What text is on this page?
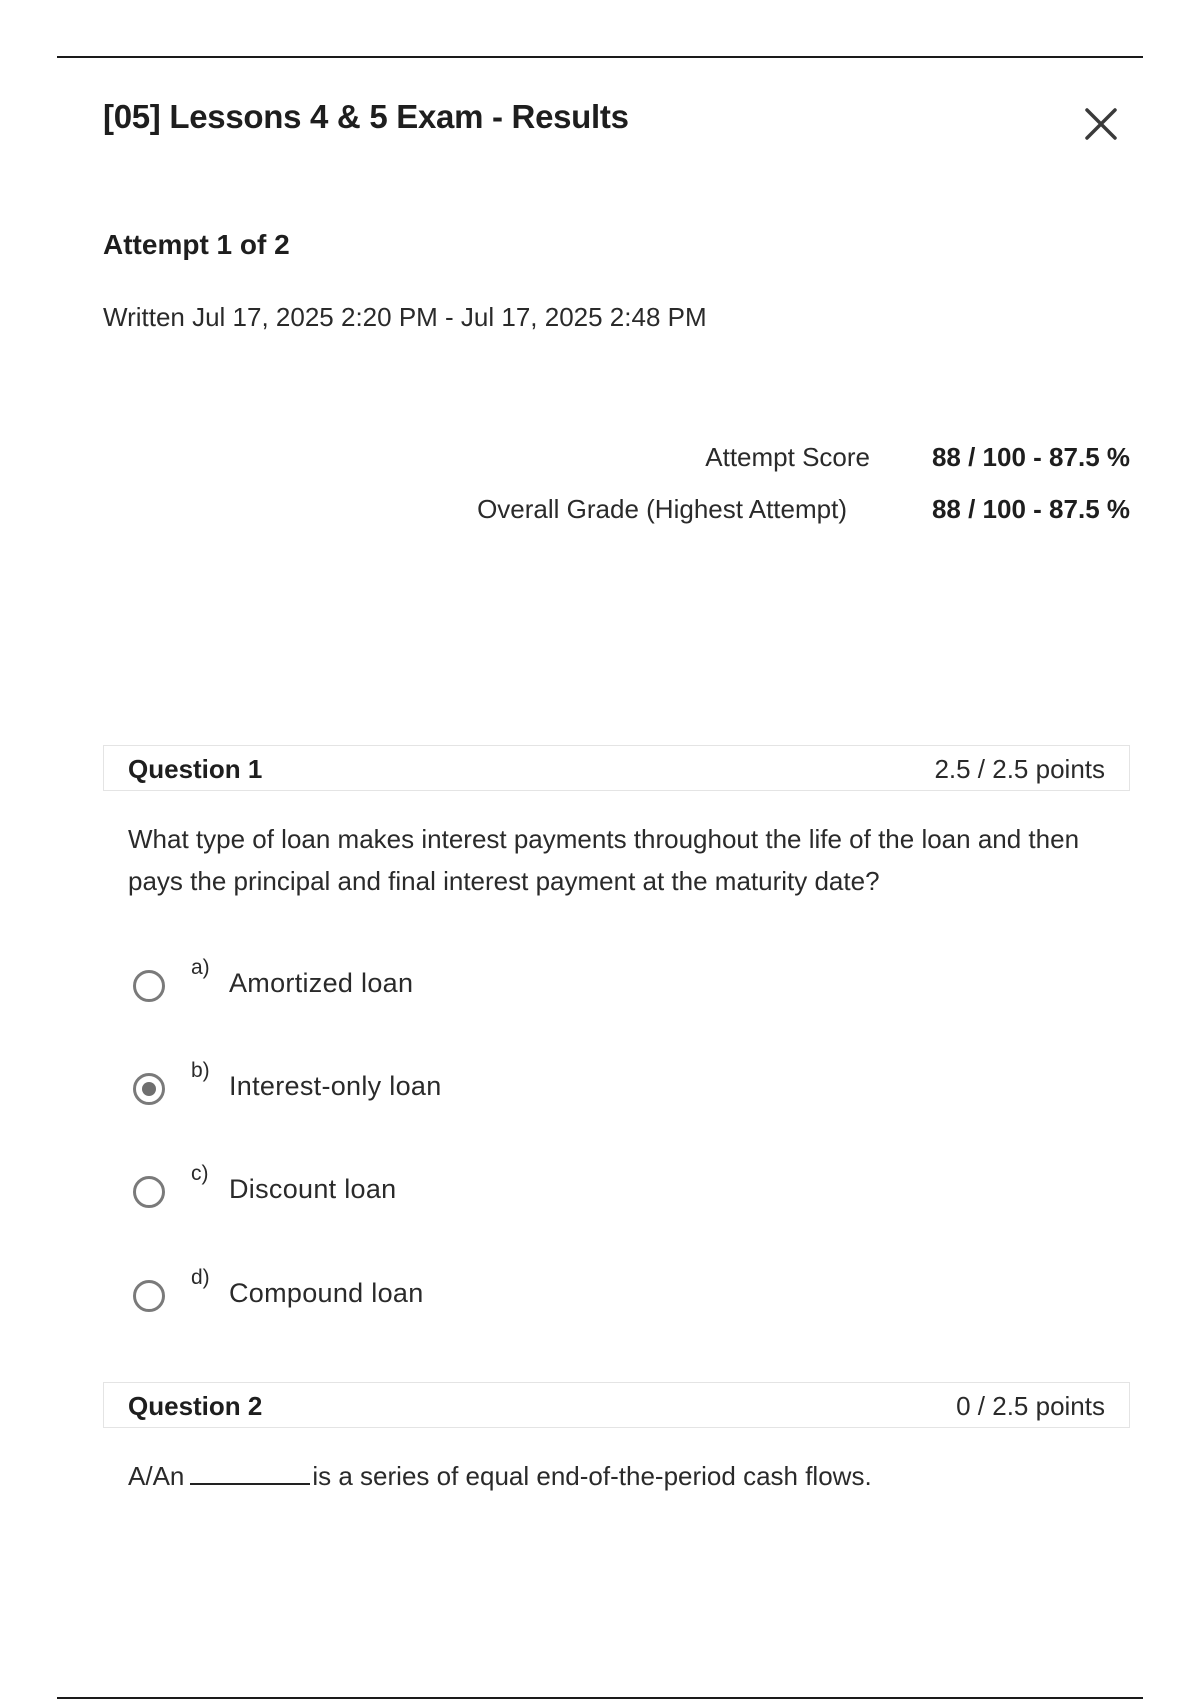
[05] Lessons 4 & 5 Exam - Results
Attempt 1 of 2
Written Jul 17, 2025 2:20 PM - Jul 17, 2025 2:48 PM
Attempt Score 88 / 100 - 87.5 %
Overall Grade (Highest Attempt)	88 / 100 - 87.5 %
Question 1	2.5 / 2.5 points
What type of loan makes interest payments throughout the life of the loan and then pays the principal and final interest payment at the maturity date?
a)
Amortized loan
b)
Interest-only loan
c)
Discount loan
d)
Compound loan
Question 2	0 / 2.5 points
A/An	is a series of equal end-of-the-period cash flows.
